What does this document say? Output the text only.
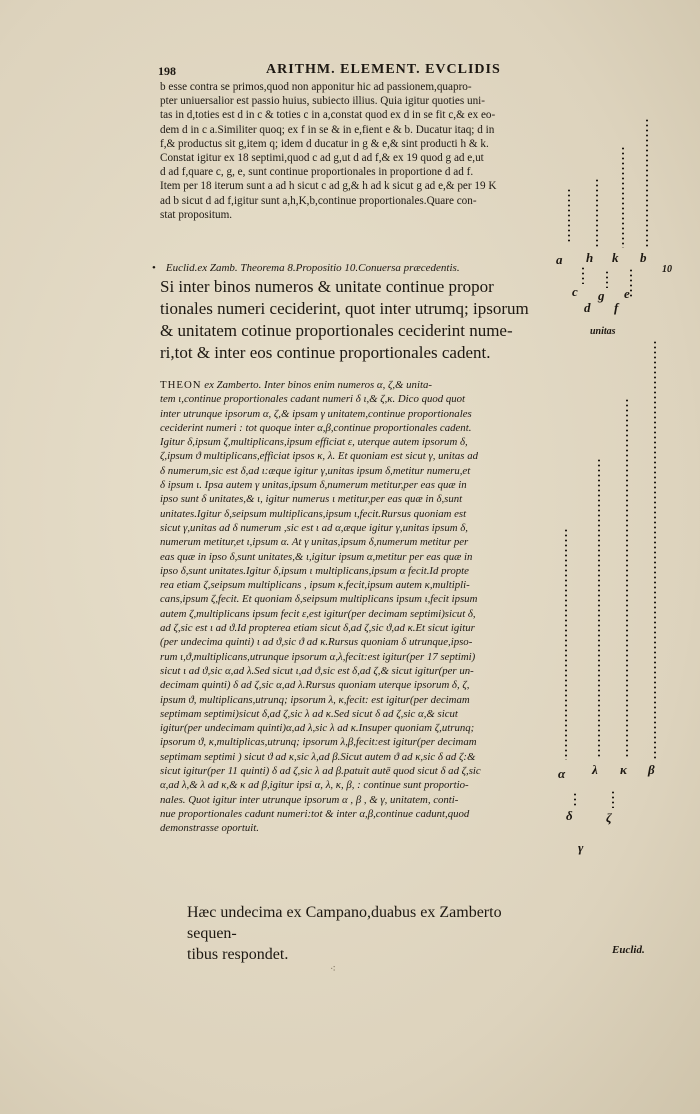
198	ARITHM. ELEMENT. EVCLIDIS

b esse contra se primos,quod non apponitur hic ad passionem,quapro-

pter uniuersalior est passio huius, subiecto illius. Quia igitur quoties uni-

tas in d,toties est d in c & toties c in a,constat quod ex d in se fit c,& ex eo-

dem d in c a.Similiter quoq; ex f in se & in e,fient e & b. Ducatur itaq; d in

f,& productus sit g,item q; idem d ducatur in g & e,& sint producti h & k.

Constat igitur ex 18 septimi,quod c ad g,ut d ad f,& ex 19 quod g ad e,ut

d ad f,quare c, g, e, sunt continue proportionales in proportione d ad f.

Item per 18 iterum sunt a ad h sicut c ad g,& h ad k sicut g ad e,& per 19 K

ad b sicut d ad f,igitur sunt a,h,K,b,continue proportionales.Quare con-

stat propositum.

• Euclid.ex Zamb. Theorema 8.Propositio 10.Conuersa præcedentis.

Si inter binos numeros & unitate continue propor

tionales numeri ceciderint, quot inter utrumq; ipsorum

& unitatem cotinue proportionales ceciderint nume-

ri,tot & inter eos continue proportionales cadent.

THEON ex Zamberto. Inter binos enim numeros α, ζ,& unita-

tem ι,continue proportionales cadant numeri δ ι,& ζ,κ. Dico quod quot

inter utrunque ipsorum α, ζ,& ipsam γ unitatem,continue proportionales

ceciderint numeri : tot quoque inter α,β,continue proportionales cadent.

Igitur δ,ipsum ζ,multiplicans,ipsum efficiat ε, uterque autem ipsorum δ,

ζ,ipsum ϑ multiplicans,efficiat ipsos κ, λ. Et quoniam est sicut γ, unitas ad

δ numerum,sic est δ,ad ι:æque igitur γ,unitas ipsum δ,metitur numeru,et

δ ipsum ι. Ipsa autem γ unitas,ipsum δ,numerum metitur,per eas quæ in

ipso sunt δ unitates,& ι, igitur numerus ι metitur,per eas quæ in δ,sunt

unitates.Igitur δ,seipsum multiplicans,ipsum ι,fecit.Rursus quoniam est

sicut γ,unitas ad δ numerum ,sic est ι ad α,æque igitur γ,unitas ipsum δ,

numerum metitur,et ι,ipsum α. At γ unitas,ipsum δ,numerum metitur per

eas quæ in ipso δ,sunt unitates,& ι,igitur ipsum α,metitur per eas quæ in

ipso δ,sunt unitates.Igitur δ,ipsum ι multiplicans,ipsum α fecit.Id propte

rea etiam ζ,seipsum multiplicans , ipsum κ,fecit,ipsum autem κ,multipli-

cans,ipsum ζ,fecit. Et quoniam δ,seipsum multiplicans ipsum ι,fecit ipsum

autem ζ,multiplicans ipsum fecit ε,est igitur(per decimam septimi)sicut δ,

ad ζ,sic est ι ad ϑ.Id propterea etiam sicut δ,ad ζ,sic ϑ,ad κ.Et sicut igitur

(per undecima quinti) ι ad ϑ,sic ϑ ad κ.Rursus quoniam δ utrunque,ipso-

rum ι,ϑ,multiplicans,utrunque ipsorum α,λ,fecit:est igitur(per 17 septimi)

sicut ι ad ϑ,sic α,ad λ.Sed sicut ι,ad ϑ,sic est δ,ad ζ,& sicut igitur(per un-

decimam quinti) δ ad ζ,sic α,ad λ.Rursus quoniam uterque ipsorum δ, ζ,

ipsum ϑ, multiplicans,utrunq; ipsorum λ, κ,fecit: est igitur(per decimam

septimam septimi)sicut δ,ad ζ,sic λ ad κ.Sed sicut δ ad ζ,sic α,& sicut

igitur(per undecimam quinti)α,ad λ,sic λ ad κ.Insuper quoniam ζ,utrunq;

ipsorum ϑ, κ,multiplicas,utrunq; ipsorum λ,β,fecit:est igitur(per decimam

septimam septimi ) sicut ϑ ad κ,sic λ,ad β.Sicut autem ϑ ad κ,sic δ ad ζ:&

sicut igitur(per 11 quinti) δ ad ζ,sic λ ad β.patuit autē quod sicut δ ad ζ,sic

α,ad λ,& λ ad κ,& κ ad β,igitur ipsi α, λ, κ, β, : continue sunt proportio-

nales. Quot igitur inter utrunque ipsorum α , β , & γ, unitatem, conti-

nue proportionales cadunt numeri:tot & inter α,β,continue cadunt,quod

demonstrasse oportuit.

Hæc undecima ex Campano,duabus ex Zamberto sequen-

tibus respondet.	Euclid.
⁖
a h k b
c g e
d f
10
unitas
α λ κ β
δ	ζ
γ
